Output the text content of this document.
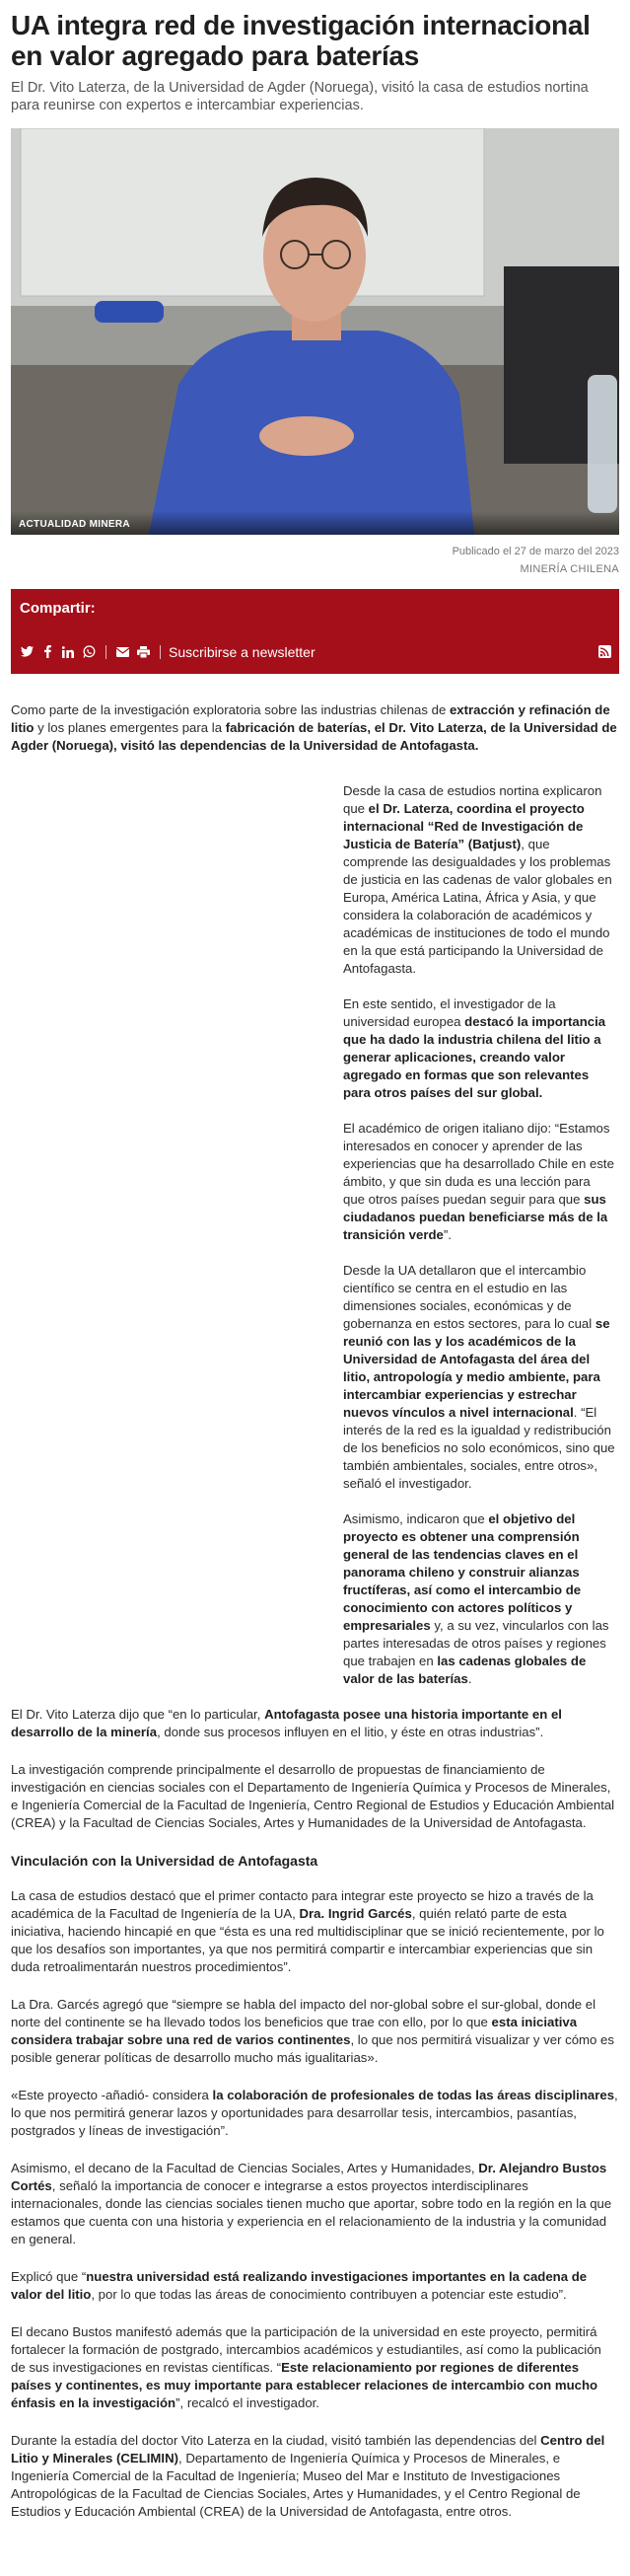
UA integra red de investigación internacional en valor agregado para baterías

El Dr. Vito Laterza, de la Universidad de Agder (Noruega), visitó la casa de estudios nortina para reunirse con expertos e intercambiar experiencias.

ACTUALIDAD MINERA
Publicado el 27 de marzo del 2023
MINERÍA CHILENA
Compartir:
Suscribirse a newsletter

Como parte de la investigación exploratoria sobre las industrias chilenas de extracción y refinación de litio y los planes emergentes para la fabricación de baterías, el Dr. Vito Laterza, de la Universidad de Agder (Noruega), visitó las dependencias de la Universidad de Antofagasta.

Desde la casa de estudios nortina explicaron que el Dr. Laterza, coordina el proyecto internacional “Red de Investigación de Justicia de Batería” (Batjust), que comprende las desigualdades y los problemas de justicia en las cadenas de valor globales en Europa, América Latina, África y Asia, y que considera la colaboración de académicos y académicas de instituciones de todo el mundo en la que está participando la Universidad de Antofagasta.

En este sentido, el investigador de la universidad europea destacó la importancia que ha dado la industria chilena del litio a generar aplicaciones, creando valor agregado en formas que son relevantes para otros países del sur global.

El académico de origen italiano dijo: “Estamos interesados en conocer y aprender de las experiencias que ha desarrollado Chile en este ámbito, y que sin duda es una lección para que otros países puedan seguir para que sus ciudadanos puedan beneficiarse más de la transición verde”.

Desde la UA detallaron que el intercambio científico se centra en el estudio en las dimensiones sociales, económicas y de gobernanza en estos sectores, para lo cual se reunió con las y los académicos de la Universidad de Antofagasta del área del litio, antropología y medio ambiente, para intercambiar experiencias y estrechar nuevos vínculos a nivel internacional. “El interés de la red es la igualdad y redistribución de los beneficios no solo económicos, sino que también ambientales, sociales, entre otros», señaló el investigador.

Asimismo, indicaron que el objetivo del proyecto es obtener una comprensión general de las tendencias claves en el panorama chileno y construir alianzas fructíferas, así como el intercambio de conocimiento con actores políticos y empresariales y, a su vez, vincularlos con las partes interesadas de otros países y regiones que trabajen en las cadenas globales de valor de las baterías.

El Dr. Vito Laterza dijo que “en lo particular, Antofagasta posee una historia importante en el desarrollo de la minería, donde sus procesos influyen en el litio, y éste en otras industrias”.

La investigación comprende principalmente el desarrollo de propuestas de financiamiento de investigación en ciencias sociales con el Departamento de Ingeniería Química y Procesos de Minerales, e Ingeniería Comercial de la Facultad de Ingeniería, Centro Regional de Estudios y Educación Ambiental (CREA) y la Facultad de Ciencias Sociales, Artes y Humanidades de la Universidad de Antofagasta.

Vinculación con la Universidad de Antofagasta

La casa de estudios destacó que el primer contacto para integrar este proyecto se hizo a través de la académica de la Facultad de Ingeniería de la UA, Dra. Ingrid Garcés, quién relató parte de esta iniciativa, haciendo hincapié en que “ésta es una red multidisciplinar que se inició recientemente, por lo que los desafíos son importantes, ya que nos permitirá compartir e intercambiar experiencias que sin duda retroalimentarán nuestros procedimientos”.

La Dra. Garcés agregó que “siempre se habla del impacto del nor-global sobre el sur-global, donde el norte del continente se ha llevado todos los beneficios que trae con ello, por lo que esta iniciativa considera trabajar sobre una red de varios continentes, lo que nos permitirá visualizar y ver cómo es posible generar políticas de desarrollo mucho más igualitarias».

«Este proyecto -añadió- considera la colaboración de profesionales de todas las áreas disciplinares, lo que nos permitirá generar lazos y oportunidades para desarrollar tesis, intercambios, pasantías, postgrados y líneas de investigación”.

Asimismo, el decano de la Facultad de Ciencias Sociales, Artes y Humanidades, Dr. Alejandro Bustos Cortés, señaló la importancia de conocer e integrarse a estos proyectos interdisciplinares internacionales, donde las ciencias sociales tienen mucho que aportar, sobre todo en la región en la que estamos que cuenta con una historia y experiencia en el relacionamiento de la industria y la comunidad en general.

Explicó que “nuestra universidad está realizando investigaciones importantes en la cadena de valor del litio, por lo que todas las áreas de conocimiento contribuyen a potenciar este estudio”.

El decano Bustos manifestó además que la participación de la universidad en este proyecto, permitirá fortalecer la formación de postgrado, intercambios académicos y estudiantiles, así como la publicación de sus investigaciones en revistas científicas. “Este relacionamiento por regiones de diferentes países y continentes, es muy importante para establecer relaciones de intercambio con mucho énfasis en la investigación”, recalcó el investigador.

Durante la estadía del doctor Vito Laterza en la ciudad, visitó también las dependencias del Centro del Litio y Minerales (CELIMIN), Departamento de Ingeniería Química y Procesos de Minerales, e Ingeniería Comercial de la Facultad de Ingeniería; Museo del Mar e Instituto de Investigaciones Antropológicas de la Facultad de Ciencias Sociales, Artes y Humanidades, y el Centro Regional de Estudios y Educación Ambiental (CREA) de la Universidad de Antofagasta, entre otros.
